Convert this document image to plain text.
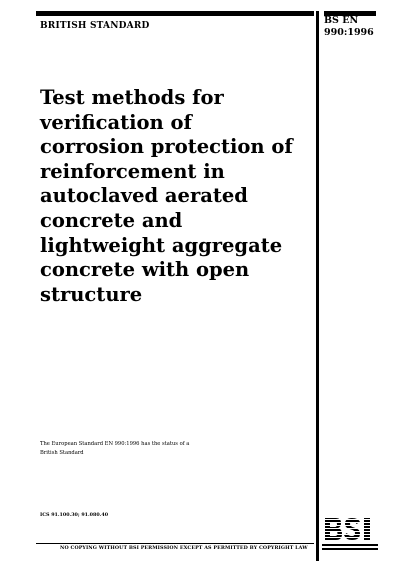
BRITISH STANDARD	BS EN
990:1996
Test methods for
verification of
corrosion protection of
reinforcement in
autoclaved aerated
concrete and
lightweight aggregate
concrete with open
structure
The European Standard EN 990:1996 has the status of a
British Standard
ICS 91.100.30; 91.080.40
NO COPYING WITHOUT BSI PERMISSION EXCEPT AS PERMITTED BY COPYRIGHT LAW
